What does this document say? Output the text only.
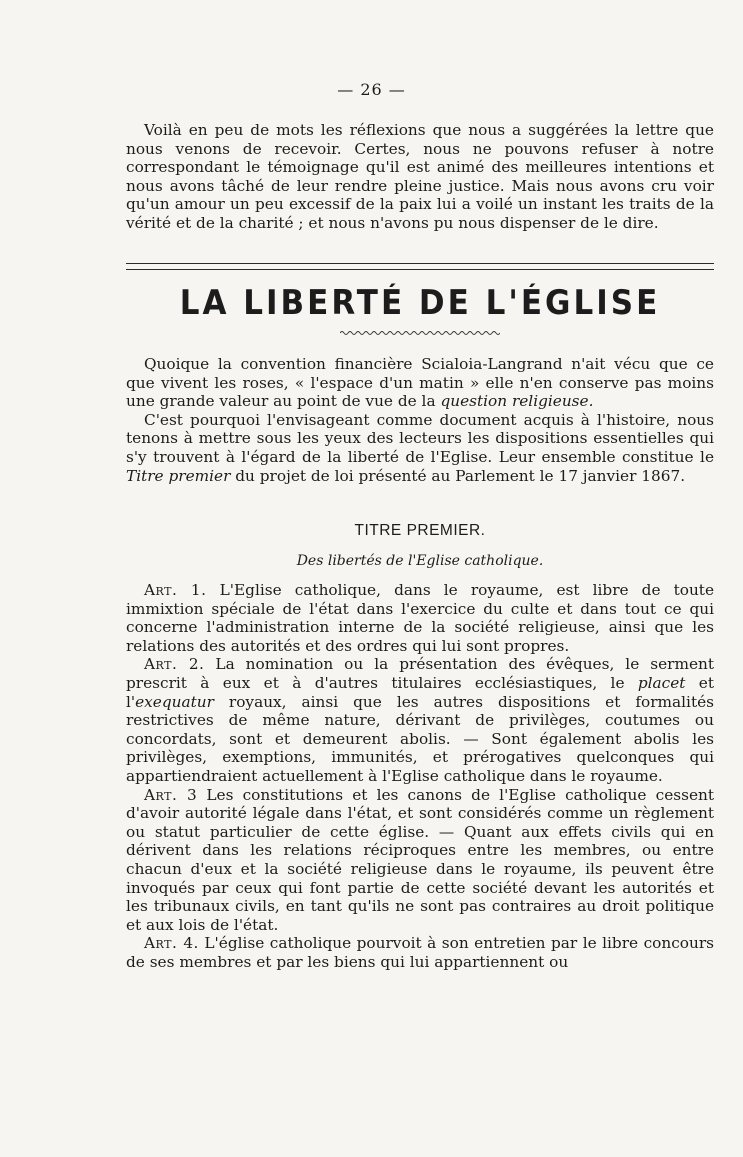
— 26 —

Voilà en peu de mots les réflexions que nous a suggérées la lettre que nous venons de recevoir. Certes, nous ne pouvons refuser à notre correspondant le témoignage qu'il est animé des meilleures intentions et nous avons tâché de leur rendre pleine justice. Mais nous avons cru voir qu'un amour un peu excessif de la paix lui a voilé un instant les traits de la vérité et de la charité ; et nous n'avons pu nous dispenser de le dire.

LA LIBERTÉ DE L'ÉGLISE

Quoique la convention financière Scialoia-Langrand n'ait vécu que ce que vivent les roses, « l'espace d'un matin » elle n'en conserve pas moins une grande valeur au point de vue de la question religieuse.

C'est pourquoi l'envisageant comme document acquis à l'histoire, nous tenons à mettre sous les yeux des lecteurs les dispositions essentielles qui s'y trouvent à l'égard de la liberté de l'Eglise. Leur ensemble constitue le Titre premier du projet de loi présenté au Parlement le 17 janvier 1867.

TITRE PREMIER.
Des libertés de l'Eglise catholique.

Art. 1. L'Eglise catholique, dans le royaume, est libre de toute immixtion spéciale de l'état dans l'exercice du culte et dans tout ce qui concerne l'administration interne de la société religieuse, ainsi que les relations des autorités et des ordres qui lui sont propres.

Art. 2. La nomination ou la présentation des évêques, le serment prescrit à eux et à d'autres titulaires ecclésiastiques, le placet et l'exequatur royaux, ainsi que les autres dispositions et formalités restrictives de même nature, dérivant de privilèges, coutumes ou concordats, sont et demeurent abolis. — Sont également abolis les privilèges, exemptions, immunités, et prérogatives quelconques qui appartiendraient actuellement à l'Eglise catholique dans le royaume.

Art. 3 Les constitutions et les canons de l'Eglise catholique cessent d'avoir autorité légale dans l'état, et sont considérés comme un règlement ou statut particulier de cette église. — Quant aux effets civils qui en dérivent dans les relations réciproques entre les membres, ou entre chacun d'eux et la société religieuse dans le royaume, ils peuvent être invoqués par ceux qui font partie de cette société devant les autorités et les tribunaux civils, en tant qu'ils ne sont pas contraires au droit politique et aux lois de l'état.

Art. 4. L'église catholique pourvoit à son entretien par le libre concours de ses membres et par les biens qui lui appartiennent ou
